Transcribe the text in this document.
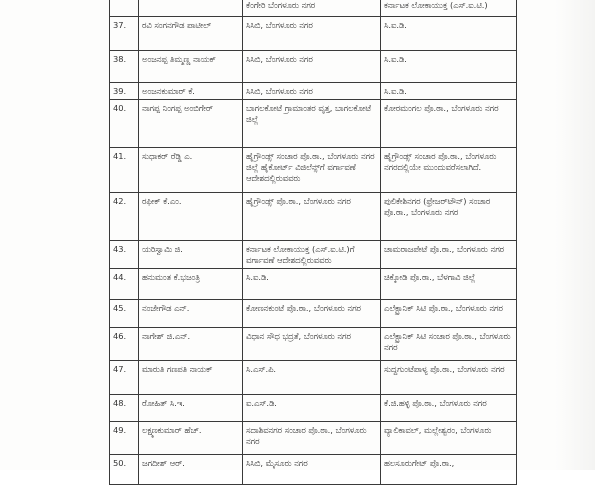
		ಕೆಂಗೇರಿ ಬೆಂಗಳೂರು ನಗರ	ಕರ್ನಾಟಕ ಲೋಕಾಯುಕ್ತ (ಎಸ್.ಐ.ಟಿ.)
37.	ರವಿ ಸಂಗನಗೌಡ ಪಾಟೀಲ್	ಸಿಸಿಬಿ, ಬೆಂಗಳೂರು ನಗರ	ಸಿ.ಐ.ಡಿ.
38.	ಅಂಜನಪ್ಪ ತಿಮ್ಮಣ್ಣ ನಾಯಕ್	ಸಿಸಿಬಿ, ಬೆಂಗಳೂರು ನಗರ	ಸಿ.ಐ.ಡಿ.
39.	ಅಂಜನಕುಮಾರ್ ಕೆ.	ಸಿಸಿಬಿ, ಬೆಂಗಳೂರು ನಗರ	ಸಿ.ಐ.ಡಿ.
40.	ನಾಗಪ್ಪ ನಿಂಗಪ್ಪ ಅಂಬಿಗೇರ್	ಬಾಗಲಕೋಟೆ ಗ್ರಾಮಾಂತರ ವೃತ್ತ, ಬಾಗಲಕೋಟೆ ಜಿಲ್ಲೆ	ಕೋರಮಂಗಲ ಪೊ.ಠಾ., ಬೆಂಗಳೂರು ನಗರ
41.	ಸುಧಾಕರ್ ರೆಡ್ಡಿ ಎ.	ಹೈಗ್ರೌಂಡ್ಸ್ ಸಂಚಾರ ಪೊ.ಠಾ., ಬೆಂಗಳೂರು ನಗರ ಜಿಲ್ಲೆ ಹೈಕೋರ್ಟ್ ವಿಜಿಲೆನ್ಸ್‌ಗೆ ವರ್ಗಾವಣೆ ಆದೇಶದಲ್ಲಿರುವವರು	ಹೈಗ್ರೌಂಡ್ಸ್ ಸಂಚಾರ ಪೊ.ಠಾ., ಬೆಂಗಳೂರು ನಗರದಲ್ಲಿಯೇ ಮುಂದುವರೆಸಲಾಗಿದೆ.
42.	ರಫೀಕ್ ಕೆ.ಎಂ.	ಹೈಗ್ರೌಂಡ್ಸ್ ಪೊ.ಠಾ., ಬೆಂಗಳೂರು ನಗರ	ಪುಲಿಕೇಶಿನಗರ (ಫ್ರೇಜರ್‌ಟೌನ್) ಸಂಚಾರ ಪೊ.ಠಾ., ಬೆಂಗಳೂರು ನಗರ
43.	ಯರಿಸ್ವಾಮಿ ಜಿ.	ಕರ್ನಾಟಕ ಲೋಕಾಯುಕ್ತ (ಎಸ್.ಐ.ಟಿ.)ಗೆ ವರ್ಗಾವಣೆ ಆದೇಶದಲ್ಲಿರುವವರು	ಚಾಮರಾಜಪೇಟೆ ಪೊ.ಠಾ., ಬೆಂಗಳೂರು ನಗರ
44.	ಹನುಮಂತ ಕೆ.ಭಜಂತ್ರಿ	ಸಿ.ಐ.ಡಿ.	ಚಿಕ್ಕೋಡಿ ಪೊ.ಠಾ., ಬೆಳಗಾವಿ ಜಿಲ್ಲೆ
45.	ನಂಜೇಗೌಡ ಎನ್.	ಕೋಣನಕುಂಟೆ ಪೊ.ಠಾ., ಬೆಂಗಳೂರು ನಗರ	ಎಲೆಕ್ಟ್ರಾನಿಕ್ ಸಿಟಿ ಪೊ.ಠಾ., ಬೆಂಗಳೂರು ನಗರ
46.	ನಾಗೇಶ್ ಜಿ.ಎನ್.	ವಿಧಾನ ಸೌಧ ಭದ್ರತೆ, ಬೆಂಗಳೂರು ನಗರ	ಎಲೆಕ್ಟ್ರಾನಿಕ್ ಸಿಟಿ ಸಂಚಾರ ಪೊ.ಠಾ., ಬೆಂಗಳೂರು ನಗರ
47.	ಮಾರುತಿ ಗಣಪತಿ ನಾಯಕ್	ಸಿ.ಎಸ್.ಪಿ.	ಸುದ್ದಗುಂಟೆಪಾಳ್ಯ ಪೊ.ಠಾ., ಬೆಂಗಳೂರು ನಗರ
48.	ರೋಹಿತ್ ಸಿ.ಇ.	ಐ.ಎಸ್.ಡಿ.	ಕೆ.ಜಿ.ಹಳ್ಳಿ ಪೊ.ಠಾ., ಬೆಂಗಳೂರು ನಗರ
49.	ಲಕ್ಷ್ಮಣಕುಮಾರ್ ಹೆಚ್.	ಸದಾಶಿವನಗರ ಸಂಚಾರ ಪೊ.ಠಾ., ಬೆಂಗಳೂರು ನಗರ	ವ್ಯಾಲಿಕಾವಲ್, ಮಲ್ಲೇಶ್ವರಂ, ಬೆಂಗಳೂರು
50.	ಜಗದೀಶ್ ಆರ್.	ಸಿಸಿಬಿ, ಮೈಸೂರು ನಗರ	ಹಲಸೂರುಗೇಟ್ ಪೊ.ಠಾ.,
